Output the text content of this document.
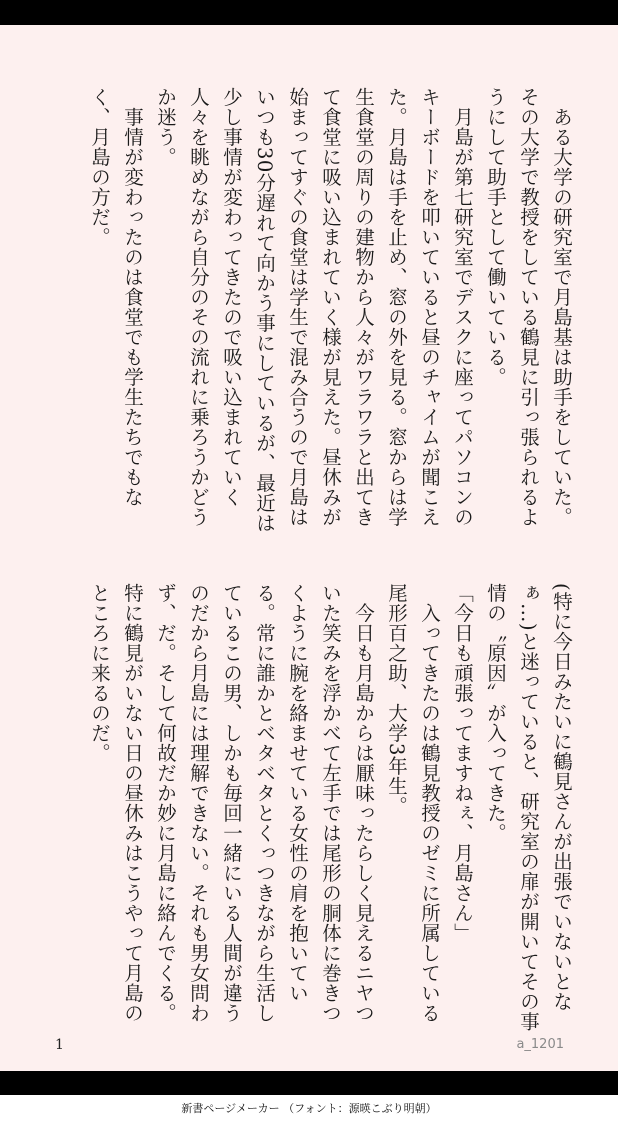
ある大学の研究室で月島基は助手をしていた。その大学で教授をしている鶴見に引っ張られるようにして助手として働いている。

月島が第七研究室でデスクに座ってパソコンのキーボードを叩いていると昼のチャイムが聞こえた。月島は手を止め、窓の外を見る。窓からは学生食堂の周りの建物から人々がワラワラと出てきて食堂に吸い込まれていく様が見えた。昼休みが始まってすぐの食堂は学生で混み合うので月島はいつも30分遅れて向かう事にしているが、最近は少し事情が変わってきたので吸い込まれていく人々を眺めながら自分のその流れに乗ろうかどうか迷う。

事情が変わったのは食堂でも学生たちでもなく、月島の方だ。

(特に今日みたいに鶴見さんが出張でいないとなぁ…)と迷っていると、研究室の扉が開いてその事情の〝原因〟が入ってきた。

「今日も頑張ってますねぇ、月島さん」

入ってきたのは鶴見教授のゼミに所属している尾形百之助、大学3年生。

今日も月島からは厭味ったらしく見えるニヤついた笑みを浮かべて左手では尾形の胴体に巻きつくように腕を絡ませている女性の肩を抱いている。常に誰かとベタベタとくっつきながら生活しているこの男、しかも毎回一緒にいる人間が違うのだから月島には理解できない。それも男女問わず、だ。そして何故だか妙に月島に絡んでくる。特に鶴見がいない日の昼休みはこうやって月島のところに来るのだ。

1	a_1201
新書ページメーカー （フォント：源暎こぶり明朝）
